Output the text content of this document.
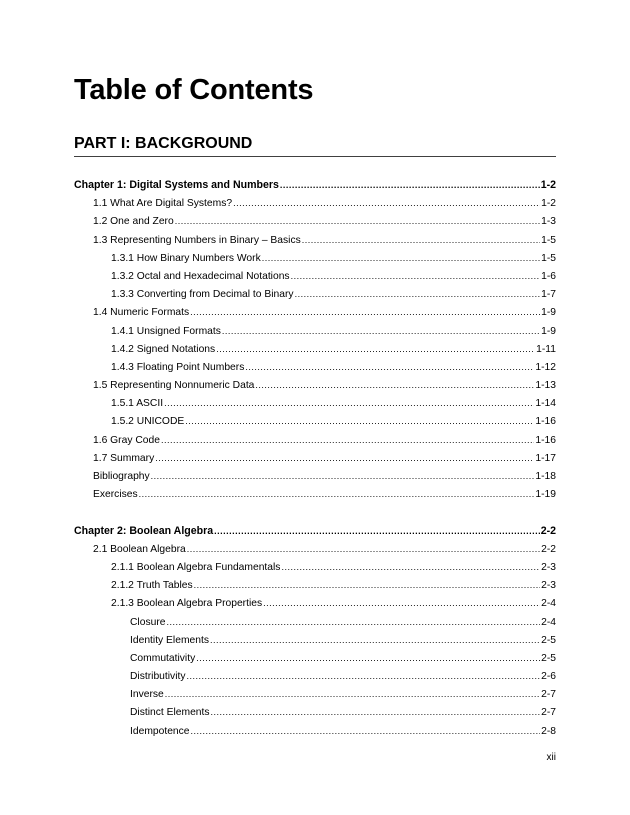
Table of Contents
PART I: BACKGROUND
Chapter 1: Digital Systems and Numbers .....	1-2
1.1 What Are Digital Systems? .....	1-2
1.2 One and Zero .....	1-3
1.3 Representing Numbers in Binary – Basics .....	1-5
1.3.1 How Binary Numbers Work .....	1-5
1.3.2 Octal and Hexadecimal Notations .....	1-6
1.3.3 Converting from Decimal to Binary .....	1-7
1.4 Numeric Formats .....	1-9
1.4.1 Unsigned Formats .....	1-9
1.4.2 Signed Notations .....	1-11
1.4.3 Floating Point Numbers .....	1-12
1.5 Representing Nonnumeric Data .....	1-13
1.5.1 ASCII .....	1-14
1.5.2 UNICODE .....	1-16
1.6 Gray Code .....	1-16
1.7 Summary .....	1-17
Bibliography .....	1-18
Exercises .....	1-19
Chapter 2: Boolean Algebra .....	2-2
2.1 Boolean Algebra .....	2-2
2.1.1 Boolean Algebra Fundamentals .....	2-3
2.1.2 Truth Tables .....	2-3
2.1.3 Boolean Algebra Properties .....	2-4
Closure .....	2-4
Identity Elements .....	2-5
Commutativity .....	2-5
Distributivity .....	2-6
Inverse .....	2-7
Distinct Elements .....	2-7
Idempotence .....	2-8
xii
